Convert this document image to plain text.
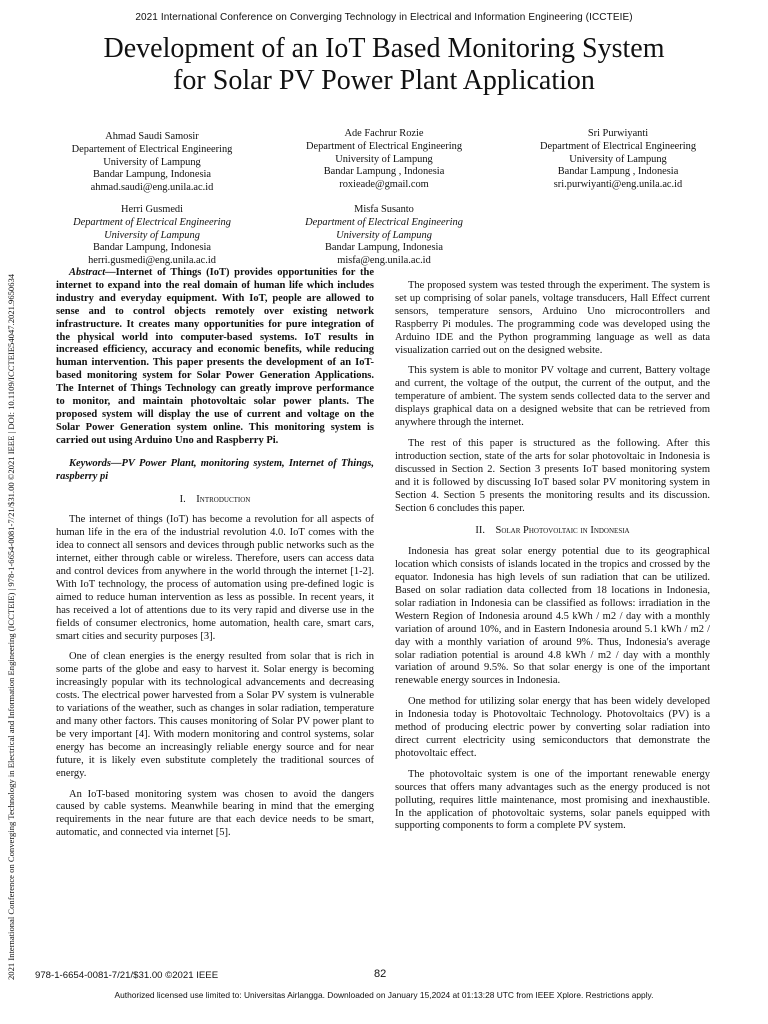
2021 International Conference on Converging Technology in Electrical and Information Engineering (ICCTEIE)
Development of an IoT Based Monitoring System
for Solar PV Power Plant Application
2021 International Conference on Converging Technology in Electrical and Information Engineering (ICCTEIE) | 978-1-6654-0081-7/21/$31.00 ©2021 IEEE | DOI: 10.1109/ICCTEIE54047.2021.9650634
Ahmad Saudi Samosir
Departement of Electrical Engineering
University of Lampung
Bandar Lampung, Indonesia
ahmad.saudi@eng.unila.ac.id
Ade Fachrur Rozie
Department of Electrical Engineering
University of Lampung
Bandar Lampung , Indonesia
roxieade@gmail.com
Sri Purwiyanti
Department of Electrical Engineering
University of Lampung
Bandar Lampung , Indonesia
sri.purwiyanti@eng.unila.ac.id
Herri Gusmedi
Department of Electrical Engineering
University of Lampung
Bandar Lampung, Indonesia
herri.gusmedi@eng.unila.ac.id
Misfa Susanto
Department of Electrical Engineering
University of Lampung
Bandar Lampung, Indonesia
misfa@eng.unila.ac.id

Abstract—Internet of Things (IoT) provides opportunities for the internet to expand into the real domain of human life which includes industry and everyday equipment. With IoT, people are allowed to sense and to control objects remotely over existing network infrastructure. It creates many opportunities for pure integration of the physical world into computer-based systems. IoT results in increased efficiency, accuracy and economic benefits, while reducing human intervention. This paper presents the development of an IoT-based monitoring system for Solar Power Generation Applications. The Internet of Things Technology can greatly improve performance to monitor, and maintain photovoltaic solar power plants. The proposed system will display the use of current and voltage on the Solar Power Generation system online. This monitoring system is carried out using Arduino Uno and Raspberry Pi.

Keywords—PV Power Plant, monitoring system, Internet of Things, raspberry pi

I. Introduction

The internet of things (IoT) has become a revolution for all aspects of human life in the era of the industrial revolution 4.0. IoT comes with the idea to connect all sensors and devices through public networks such as the internet, either through cable or wireless. Therefore, users can access data and control devices from anywhere in the world through the internet [1-2]. With IoT technology, the process of automation using pre-defined logic is aimed to reduce human intervention as less as possible. In recent years, it has received a lot of attentions due to its very rapid and diverse use in the fields of consumer electronics, home automation, health care, smart cars, smart cities and security purposes [3].

One of clean energies is the energy resulted from solar that is rich in some parts of the globe and easy to harvest it. Solar energy is becoming increasingly popular with its technological advancements and decreasing costs. The electrical power harvested from a Solar PV system is vulnerable to variations of the weather, such as changes in solar radiation, temperature and many other factors. This causes monitoring of Solar PV power plant to be very important [4]. With modern monitoring and control systems, solar energy has become an increasingly reliable energy source and for near future, it is likely even substitute completely the traditional sources of energy.

An IoT-based monitoring system was chosen to avoid the dangers caused by cable systems. Meanwhile bearing in mind that the emerging requirements in the near future are that each device needs to be smart, automatic, and connected via internet [5].

The proposed system was tested through the experiment. The system is set up comprising of solar panels, voltage transducers, Hall Effect current sensors, temperature sensors, Arduino Uno microcontrollers and Raspberry Pi modules. The programming code was developed using the Arduino IDE and the Python programming language as well as data visualization carried out on the designed website.

This system is able to monitor PV voltage and current, Battery voltage and current, the voltage of the output, the current of the output, and the temperature of ambient. The system sends collected data to the server and displays graphical data on a designed website that can be retrieved from anywhere through the internet.

The rest of this paper is structured as the following. After this introduction section, state of the arts for solar photovoltaic in Indonesia is discussed in Section 2. Section 3 presents IoT based monitoring system and it is followed by discussing IoT based solar PV monitoring system in Section 4. Section 5 presents the monitoring results and its discussion. Section 6 concludes this paper.

II. Solar Photovoltaic in Indonesia

Indonesia has great solar energy potential due to its geographical location which consists of islands located in the tropics and crossed by the equator. Indonesia has high levels of sun radiation that can be utilized. Based on solar radiation data collected from 18 locations in Indonesia, solar radiation in Indonesia can be classified as follows: irradiation in the Western Region of Indonesia around 4.5 kWh / m2 / day with a monthly variation of around 10%, and in Eastern Indonesia around 5.1 kWh / m2 / day with a monthly variation of around 9%. Thus, Indonesia's average solar radiation potential is around 4.8 kWh / m2 / day with a monthly variation of around 9.5%. So that solar energy is one of the important renewable energy sources in Indonesia.

One method for utilizing solar energy that has been widely developed in Indonesia today is Photovoltaic Technology. Photovoltaics (PV) is a method of producing electric power by converting solar radiation into direct current electricity using semiconductors that demonstrate the photovoltaic effect.

The photovoltaic system is one of the important renewable energy sources that offers many advantages such as the energy produced is not polluting, requires little maintenance, most promising and inexhaustible. In the application of photovoltaic systems, solar panels equipped with supporting components to form a complete PV system.

978-1-6654-0081-7/21/$31.00 ©2021 IEEE	82
Authorized licensed use limited to: Universitas Airlangga. Downloaded on January 15,2024 at 01:13:28 UTC from IEEE Xplore. Restrictions apply.
